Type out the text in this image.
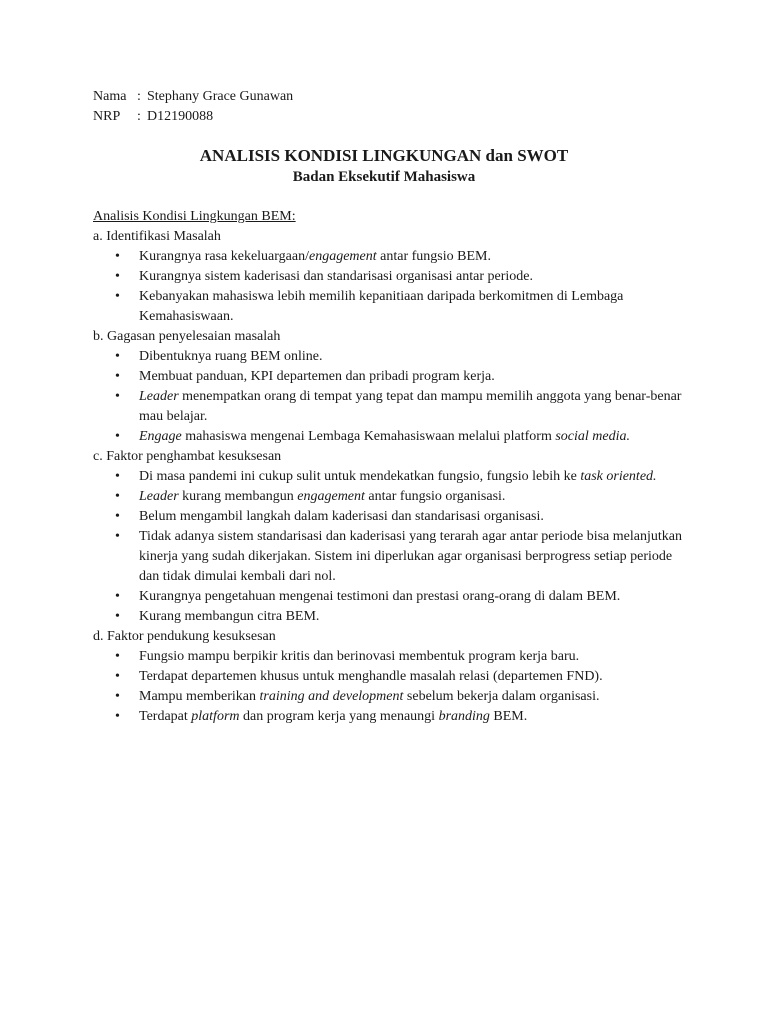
Nama : Stephany Grace Gunawan
NRP	: D12190088
ANALISIS KONDISI LINGKUNGAN dan SWOT
Badan Eksekutif Mahasiswa
Analisis Kondisi Lingkungan BEM:
a. Identifikasi Masalah
• Kurangnya rasa kekeluargaan/engagement antar fungsio BEM.
• Kurangnya sistem kaderisasi dan standarisasi organisasi antar periode.
• Kebanyakan mahasiswa lebih memilih kepanitiaan daripada berkomitmen di Lembaga Kemahasiswaan.
b. Gagasan penyelesaian masalah
• Dibentuknya ruang BEM online.
• Membuat panduan, KPI departemen dan pribadi program kerja.
• Leader menempatkan orang di tempat yang tepat dan mampu memilih anggota yang benar-benar mau belajar.
• Engage mahasiswa mengenai Lembaga Kemahasiswaan melalui platform social media.
c. Faktor penghambat kesuksesan
• Di masa pandemi ini cukup sulit untuk mendekatkan fungsio, fungsio lebih ke task oriented.
• Leader kurang membangun engagement antar fungsio organisasi.
• Belum mengambil langkah dalam kaderisasi dan standarisasi organisasi.
• Tidak adanya sistem standarisasi dan kaderisasi yang terarah agar antar periode bisa melanjutkan kinerja yang sudah dikerjakan. Sistem ini diperlukan agar organisasi berprogress setiap periode dan tidak dimulai kembali dari nol.
• Kurangnya pengetahuan mengenai testimoni dan prestasi orang-orang di dalam BEM.
• Kurang membangun citra BEM.
d. Faktor pendukung kesuksesan
• Fungsio mampu berpikir kritis dan berinovasi membentuk program kerja baru.
• Terdapat departemen khusus untuk menghandle masalah relasi (departemen FND).
• Mampu memberikan training and development sebelum bekerja dalam organisasi.
• Terdapat platform dan program kerja yang menaungi branding BEM.
